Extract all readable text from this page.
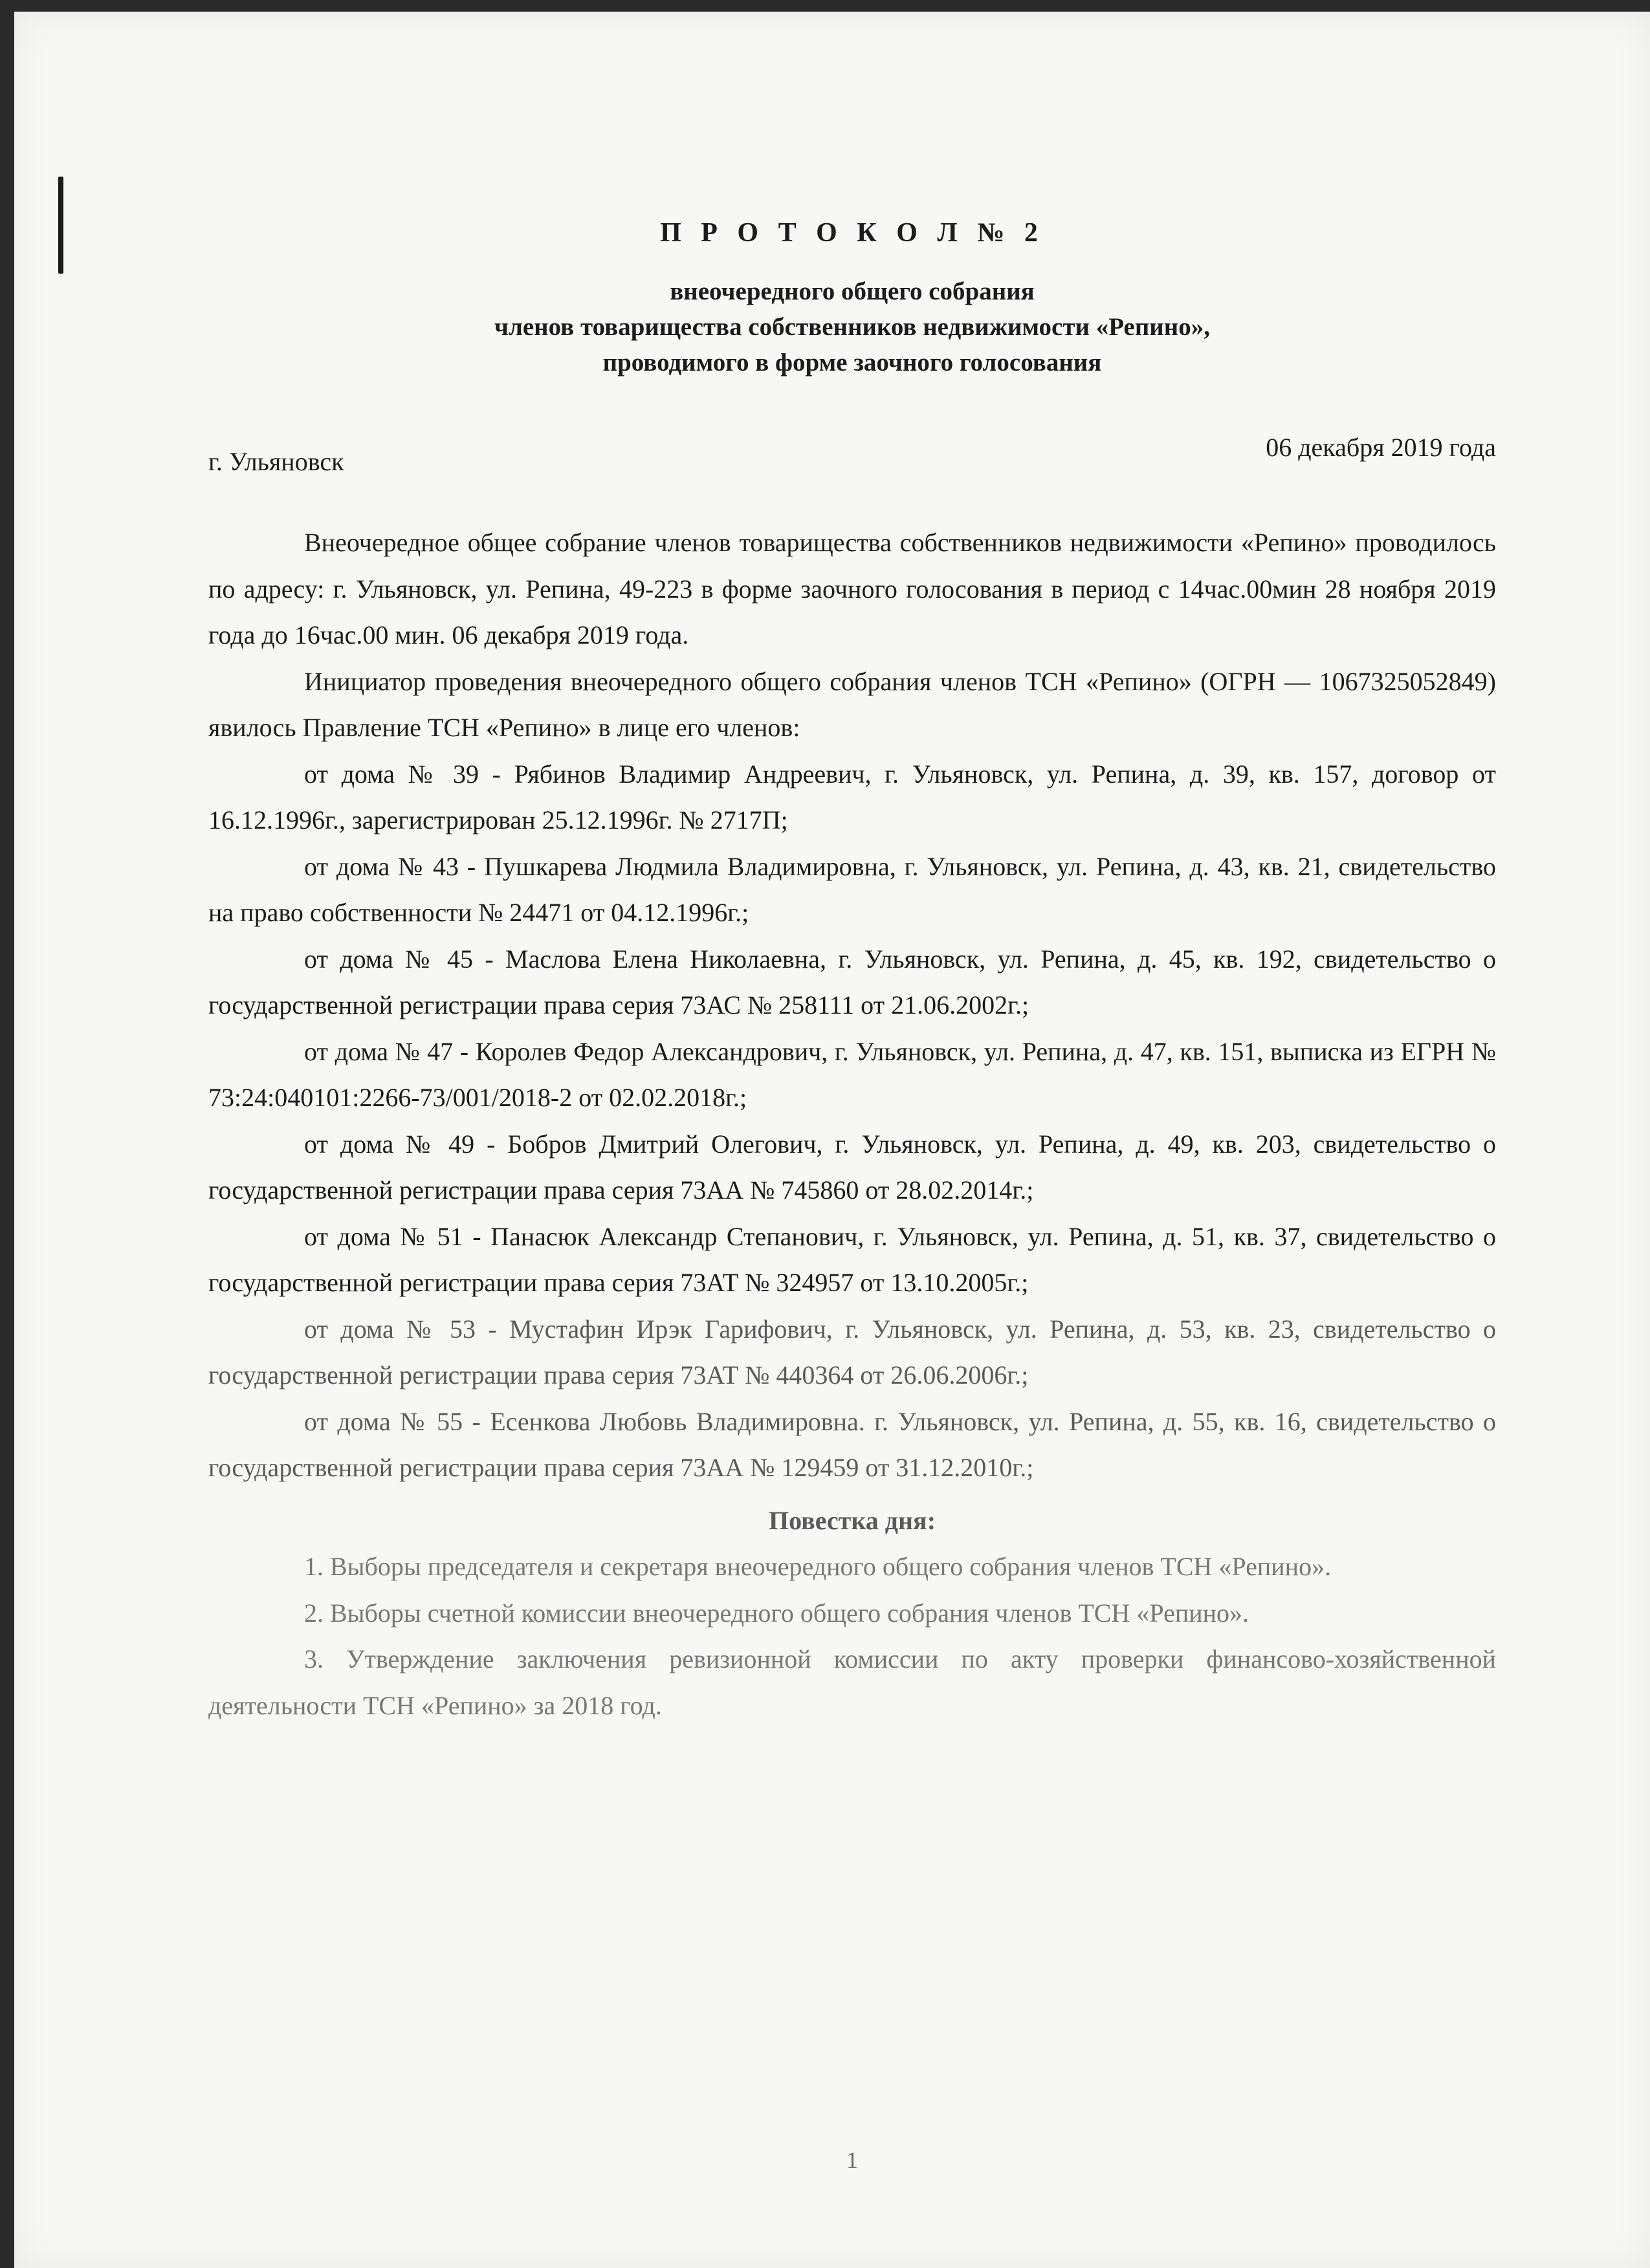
П Р О Т О К О Л № 2
внеочередного общего собрания
членов товарищества собственников недвижимости «Репино»,
проводимого в форме заочного голосования
г. Ульяновск	06 декабря 2019 года

Внеочередное общее собрание членов товарищества собственников недвижимости «Репино» проводилось по адресу: г. Ульяновск, ул. Репина, 49-223 в форме заочного голосования в период с 14час.00мин 28 ноября 2019 года до 16час.00 мин. 06 декабря 2019 года.

Инициатор проведения внеочередного общего собрания членов ТСН «Репино» (ОГРН — 1067325052849) явилось Правление ТСН «Репино» в лице его членов:

от дома № 39 - Рябинов Владимир Андреевич, г. Ульяновск, ул. Репина, д. 39, кв. 157, договор от 16.12.1996г., зарегистрирован 25.12.1996г. № 2717П;

от дома № 43 - Пушкарева Людмила Владимировна, г. Ульяновск, ул. Репина, д. 43, кв. 21, свидетельство на право собственности № 24471 от 04.12.1996г.;

от дома № 45 - Маслова Елена Николаевна, г. Ульяновск, ул. Репина, д. 45, кв. 192, свидетельство о государственной регистрации права серия 73АС № 258111 от 21.06.2002г.;

от дома № 47 - Королев Федор Александрович, г. Ульяновск, ул. Репина, д. 47, кв. 151, выписка из ЕГРН № 73:24:040101:2266-73/001/2018-2 от 02.02.2018г.;

от дома № 49 - Бобров Дмитрий Олегович, г. Ульяновск, ул. Репина, д. 49, кв. 203, свидетельство о государственной регистрации права серия 73АА № 745860 от 28.02.2014г.;

от дома № 51 - Панасюк Александр Степанович, г. Ульяновск, ул. Репина, д. 51, кв. 37, свидетельство о государственной регистрации права серия 73АТ № 324957 от 13.10.2005г.;

от дома № 53 - Мустафин Ирэк Гарифович, г. Ульяновск, ул. Репина, д. 53, кв. 23, свидетельство о государственной регистрации права серия 73АТ № 440364 от 26.06.2006г.;

от дома № 55 - Есенкова Любовь Владимировна. г. Ульяновск, ул. Репина, д. 55, кв. 16, свидетельство о государственной регистрации права серия 73АА № 129459 от 31.12.2010г.;

Повестка дня:

1. Выборы председателя и секретаря внеочередного общего собрания членов ТСН «Репино».

2. Выборы счетной комиссии внеочередного общего собрания членов ТСН «Репино».

3. Утверждение заключения ревизионной комиссии по акту проверки финансово-хозяйственной деятельности ТСН «Репино» за 2018 год.

1
